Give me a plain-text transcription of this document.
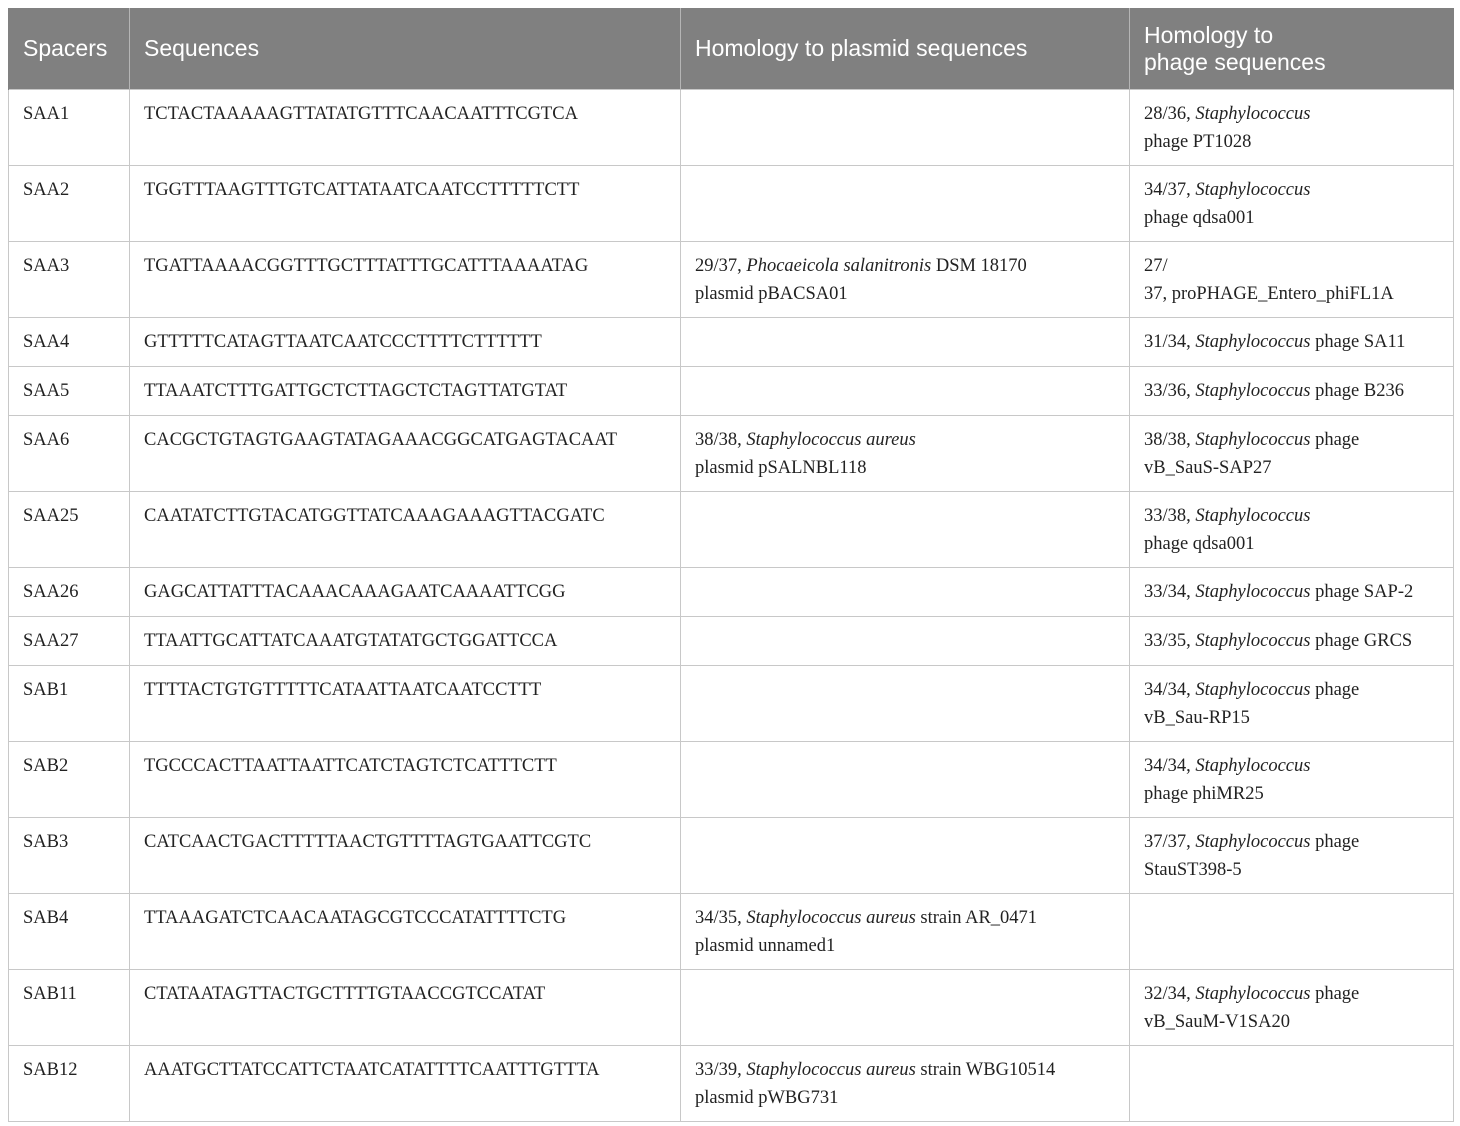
Spacers	Sequences	Homology to plasmid sequences	Homology to
phage sequences

SAA1	TCTACTAAAAAGTTATATGTTTCAACAATTTCGTCA		28/36, Staphylococcus
phage PT1028

SAA2	TGGTTTAAGTTTGTCATTATAATCAATCCTTTTTCTT		34/37, Staphylococcus
phage qdsa001

SAA3	TGATTAAAACGGTTTGCTTTATTTGCATTTAAAATAG	29/37, Phocaeicola salanitronis DSM 18170
plasmid pBACSA01	27/
37, proPHAGE_Entero_phiFL1A

SAA4	GTTTTTCATAGTTAATCAATCCCTTTTCTTTTTT		31/34, Staphylococcus phage SA11

SAA5	TTAAATCTTTGATTGCTCTTAGCTCTAGTTATGTAT		33/36, Staphylococcus phage B236

SAA6	CACGCTGTAGTGAAGTATAGAAACGGCATGAGTACAAT	38/38, Staphylococcus aureus
plasmid pSALNBL118	38/38, Staphylococcus phage
vB_SauS-SAP27

SAA25	CAATATCTTGTACATGGTTATCAAAGAAAGTTACGATC		33/38, Staphylococcus
phage qdsa001

SAA26	GAGCATTATTTACAAACAAAGAATCAAAATTCGG		33/34, Staphylococcus phage SAP-2

SAA27	TTAATTGCATTATCAAATGTATATGCTGGATTCCA		33/35, Staphylococcus phage GRCS

SAB1	TTTTACTGTGTTTTTCATAATTAATCAATCCTTT		34/34, Staphylococcus phage
vB_Sau-RP15

SAB2	TGCCCACTTAATTAATTCATCTAGTCTCATTTCTT		34/34, Staphylococcus
phage phiMR25

SAB3	CATCAACTGACTTTTTAACTGTTTTAGTGAATTCGTC		37/37, Staphylococcus phage
StauST398-5

SAB4	TTAAAGATCTCAACAATAGCGTCCCATATTTTCTG	34/35, Staphylococcus aureus strain AR_0471
plasmid unnamed1	

SAB11	CTATAATAGTTACTGCTTTTGTAACCGTCCATAT		32/34, Staphylococcus phage
vB_SauM-V1SA20

SAB12	AAATGCTTATCCATTCTAATCATATTTTCAATTTGTTTA	33/39, Staphylococcus aureus strain WBG10514
plasmid pWBG731	
